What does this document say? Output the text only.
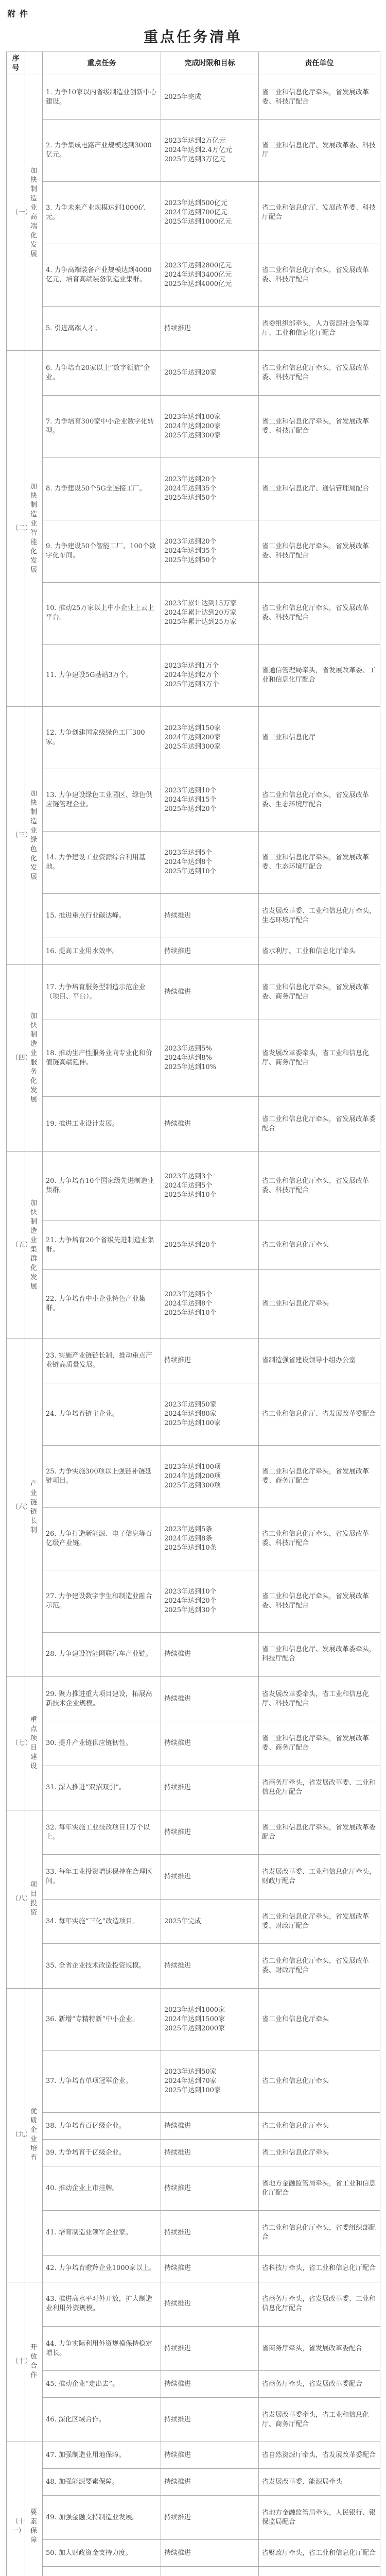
附件
重点任务清单
序号		重点任务	完成时限和目标	责任单位
（一）	加快制造业高端化发展	1. 力争10家以内省级制造业创新中心建设。	2025年完成	省工业和信息化厅牵头，省发展改革委、科技厅配合
		2. 力争集成电路产业规模达到3000亿元。	2023年达到2万亿元
2024年达到2.4万亿元
2025年达到3万亿元	省工业和信息化厅、发展改革委、科技厅
		3. 力争未来产业规模达到1000亿元。	2023年达到500亿元
2024年达到700亿元
2025年达到1000亿元	省工业和信息化厅、发展改革委、科技厅配合
		4. 力争高端装备产业规模达到4000亿元，培育高端装备制造业集群。	2023年达到2800亿元
2024年达到3400亿元
2025年达到4000亿元	省工业和信息化厅牵头，省发展改革委、科技厅配合
		5. 引进高端人才。	持续推进	省委组织部牵头，人力资源社会保障厅、工业和信息化厅配合
（二）	加快制造业智能化发展	6. 力争培育20家以上“数字领航”企业。	2025年达到20家	省工业和信息化厅牵头，省发展改革委、科技厅配合
		7. 力争培育300家中小企业数字化转型。	2023年达到100家
2024年达到200家
2025年达到300家	省工业和信息化厅牵头，省发展改革委、科技厅配合
		8. 力争建设50个5G全连接工厂。	2023年达到20个
2024年达到35个
2025年达到50个	省工业和信息化厅、通信管理局配合
		9. 力争建设50个智能工厂、100个数字化车间。	2023年达到20个
2024年达到35个
2025年达到50个	省工业和信息化厅牵头，省发展改革委、科技厅配合
		10. 推动25万家以上中小企业上云上平台。	2023年累计达到15万家
2024年累计达到20万家
2025年累计达到25万家	省工业和信息化厅牵头，省发展改革委、科技厅配合
		11. 力争建设5G基站3万个。	2023年达到1万个
2024年达到2万个
2025年达到3万个	省通信管理局牵头，省发展改革委、工业和信息化厅配合
（三）	加快制造业绿色化发展	12. 力争创建国家级绿色工厂300家。	2023年达到150家
2024年达到200家
2025年达到300家	省工业和信息化厅
		13. 力争建设绿色工业园区、绿色供应链管理企业。	2023年达到10个
2024年达到15个
2025年达到20个	省工业和信息化厅牵头，省发展改革委、生态环境厅配合
		14. 力争建设工业资源综合利用基地。	2023年达到5个
2024年达到8个
2025年达到10个	省工业和信息化厅牵头，省发展改革委、生态环境厅配合
		15. 推进重点行业碳达峰。	持续推进	省发展改革委、工业和信息化厅牵头，生态环境厅配合
		16. 提高工业用水效率。	持续推进	省水利厅、工业和信息化厅牵头
（四）	加快制造业服务化发展	17. 力争培育服务型制造示范企业（项目、平台）。	持续推进	省工业和信息化厅牵头，省发展改革委、商务厅配合
		18. 推动生产性服务业向专业化和价值链高端延伸。	2023年达到5%
2024年达到8%
2025年达到10%	省发展改革委牵头，省工业和信息化厅、商务厅配合
		19. 推进工业设计发展。	持续推进	省工业和信息化厅牵头，省发展改革委配合
（五）	加快制造业集群化发展	20. 力争培育10个国家级先进制造业集群。	2023年达到3个
2024年达到5个
2025年达到10个	省工业和信息化厅牵头，省发展改革委、科技厅配合
		21. 力争培育20个省级先进制造业集群。	2025年达到20个	省工业和信息化厅牵头
		22. 力争培育中小企业特色产业集群。	2023年达到5个
2024年达到8个
2025年达到10个	省工业和信息化厅牵头
（六）	产业链链长制	23. 实施产业链链长制，推动重点产业链高质量发展。	持续推进	省制造强省建设领导小组办公室
		24. 力争培育链主企业。	2023年达到50家
2024年达到80家
2025年达到100家	省工业和信息化厅、省发展改革委配合
		25. 力争实施300项以上强链补链延链项目。	2023年达到100项
2024年达到200项
2025年达到300项	省工业和信息化厅牵头，省发展改革委、商务厅配合
		26. 力争打造新能源、电子信息等百亿级产业链。	2023年达到5条
2024年达到8条
2025年达到10条	省工业和信息化厅牵头，省发展改革委、科技厅配合
		27. 力争建设数字孪生和制造业融合示范。	2023年达到10个
2024年达到20个
2025年达到30个	省工业和信息化厅牵头，省发展改革委、科技厅配合
		28. 力争建设智能网联汽车产业链。	持续推进	省工业和信息化厅、发展改革委牵头，科技厅配合
（七）	重点项目建设	29. 聚力推进重大项目建设，拓展高新技术企业规模。	持续推进	省发展改革委牵头，省工业和信息化厅、科技厅配合
		30. 提升产业链供应链韧性。	持续推进	省工业和信息化厅牵头，省发展改革委、商务厅配合
		31. 深入推进“双招双引”。	持续推进	省商务厅牵头，省发展改革委、工业和信息化厅配合
（八）	项目投资	32. 每年实施工业技改项目1万个以上。	持续推进	省工业和信息化厅牵头，省发展改革委配合
		33. 每年工业投资增速保持在合理区间。	持续推进	省发展改革委、工业和信息化厅牵头，财政厅配合
		34. 每年实施“三化”改造项目。	2025年完成	省工业和信息化厅牵头，省发展改革委、财政厅配合
		35. 全省企业技术改造投资规模。	持续推进	省工业和信息化厅牵头，省发展改革委、财政厅配合
（九）	优质企业培育	36. 新增“专精特新”中小企业。	2023年达到1000家
2024年达到1500家
2025年达到2000家	省工业和信息化厅牵头
		37. 力争培育单项冠军企业。	2023年达到50家
2024年达到70家
2025年达到100家	省工业和信息化厅牵头
		38. 力争培育百亿级企业。	持续推进	省工业和信息化厅牵头
		39. 力争培育千亿级企业。	持续推进	省工业和信息化厅牵头
		40. 推动企业上市挂牌。	持续推进	省地方金融监管局牵头，省工业和信息化厅配合
		41. 培育制造业领军企业家。	持续推进	省工业和信息化厅牵头，省委组织部配合
		42. 力争培育瞪羚企业1000家以上。	持续推进	省科技厅牵头，省工业和信息化厅配合
（十）	开放合作	43. 推进高水平对外开放，扩大制造业利用外资规模。	持续推进	省商务厅牵头，省发展改革委、工业和信息化厅配合
		44. 力争实际利用外资规模保持稳定增长。	持续推进	省商务厅牵头，省发展改革委配合
		45. 推动企业“走出去”。	持续推进	省商务厅牵头，省发展改革委配合
		46. 深化区域合作。	持续推进	省发展改革委牵头，省工业和信息化厅、商务厅配合
（十一）	要素保障	47. 加强制造业用地保障。	持续推进	省自然资源厅牵头，省发展改革委配合
		48. 加强能源要素保障。	持续推进	省发展改革委、能源局牵头
		49. 加强金融支持制造业发展。	持续推进	省地方金融监管局牵头，人民银行、银保监局配合
		50. 加大财政资金支持力度。	持续推进	省财政厅牵头，省工业和信息化厅配合
